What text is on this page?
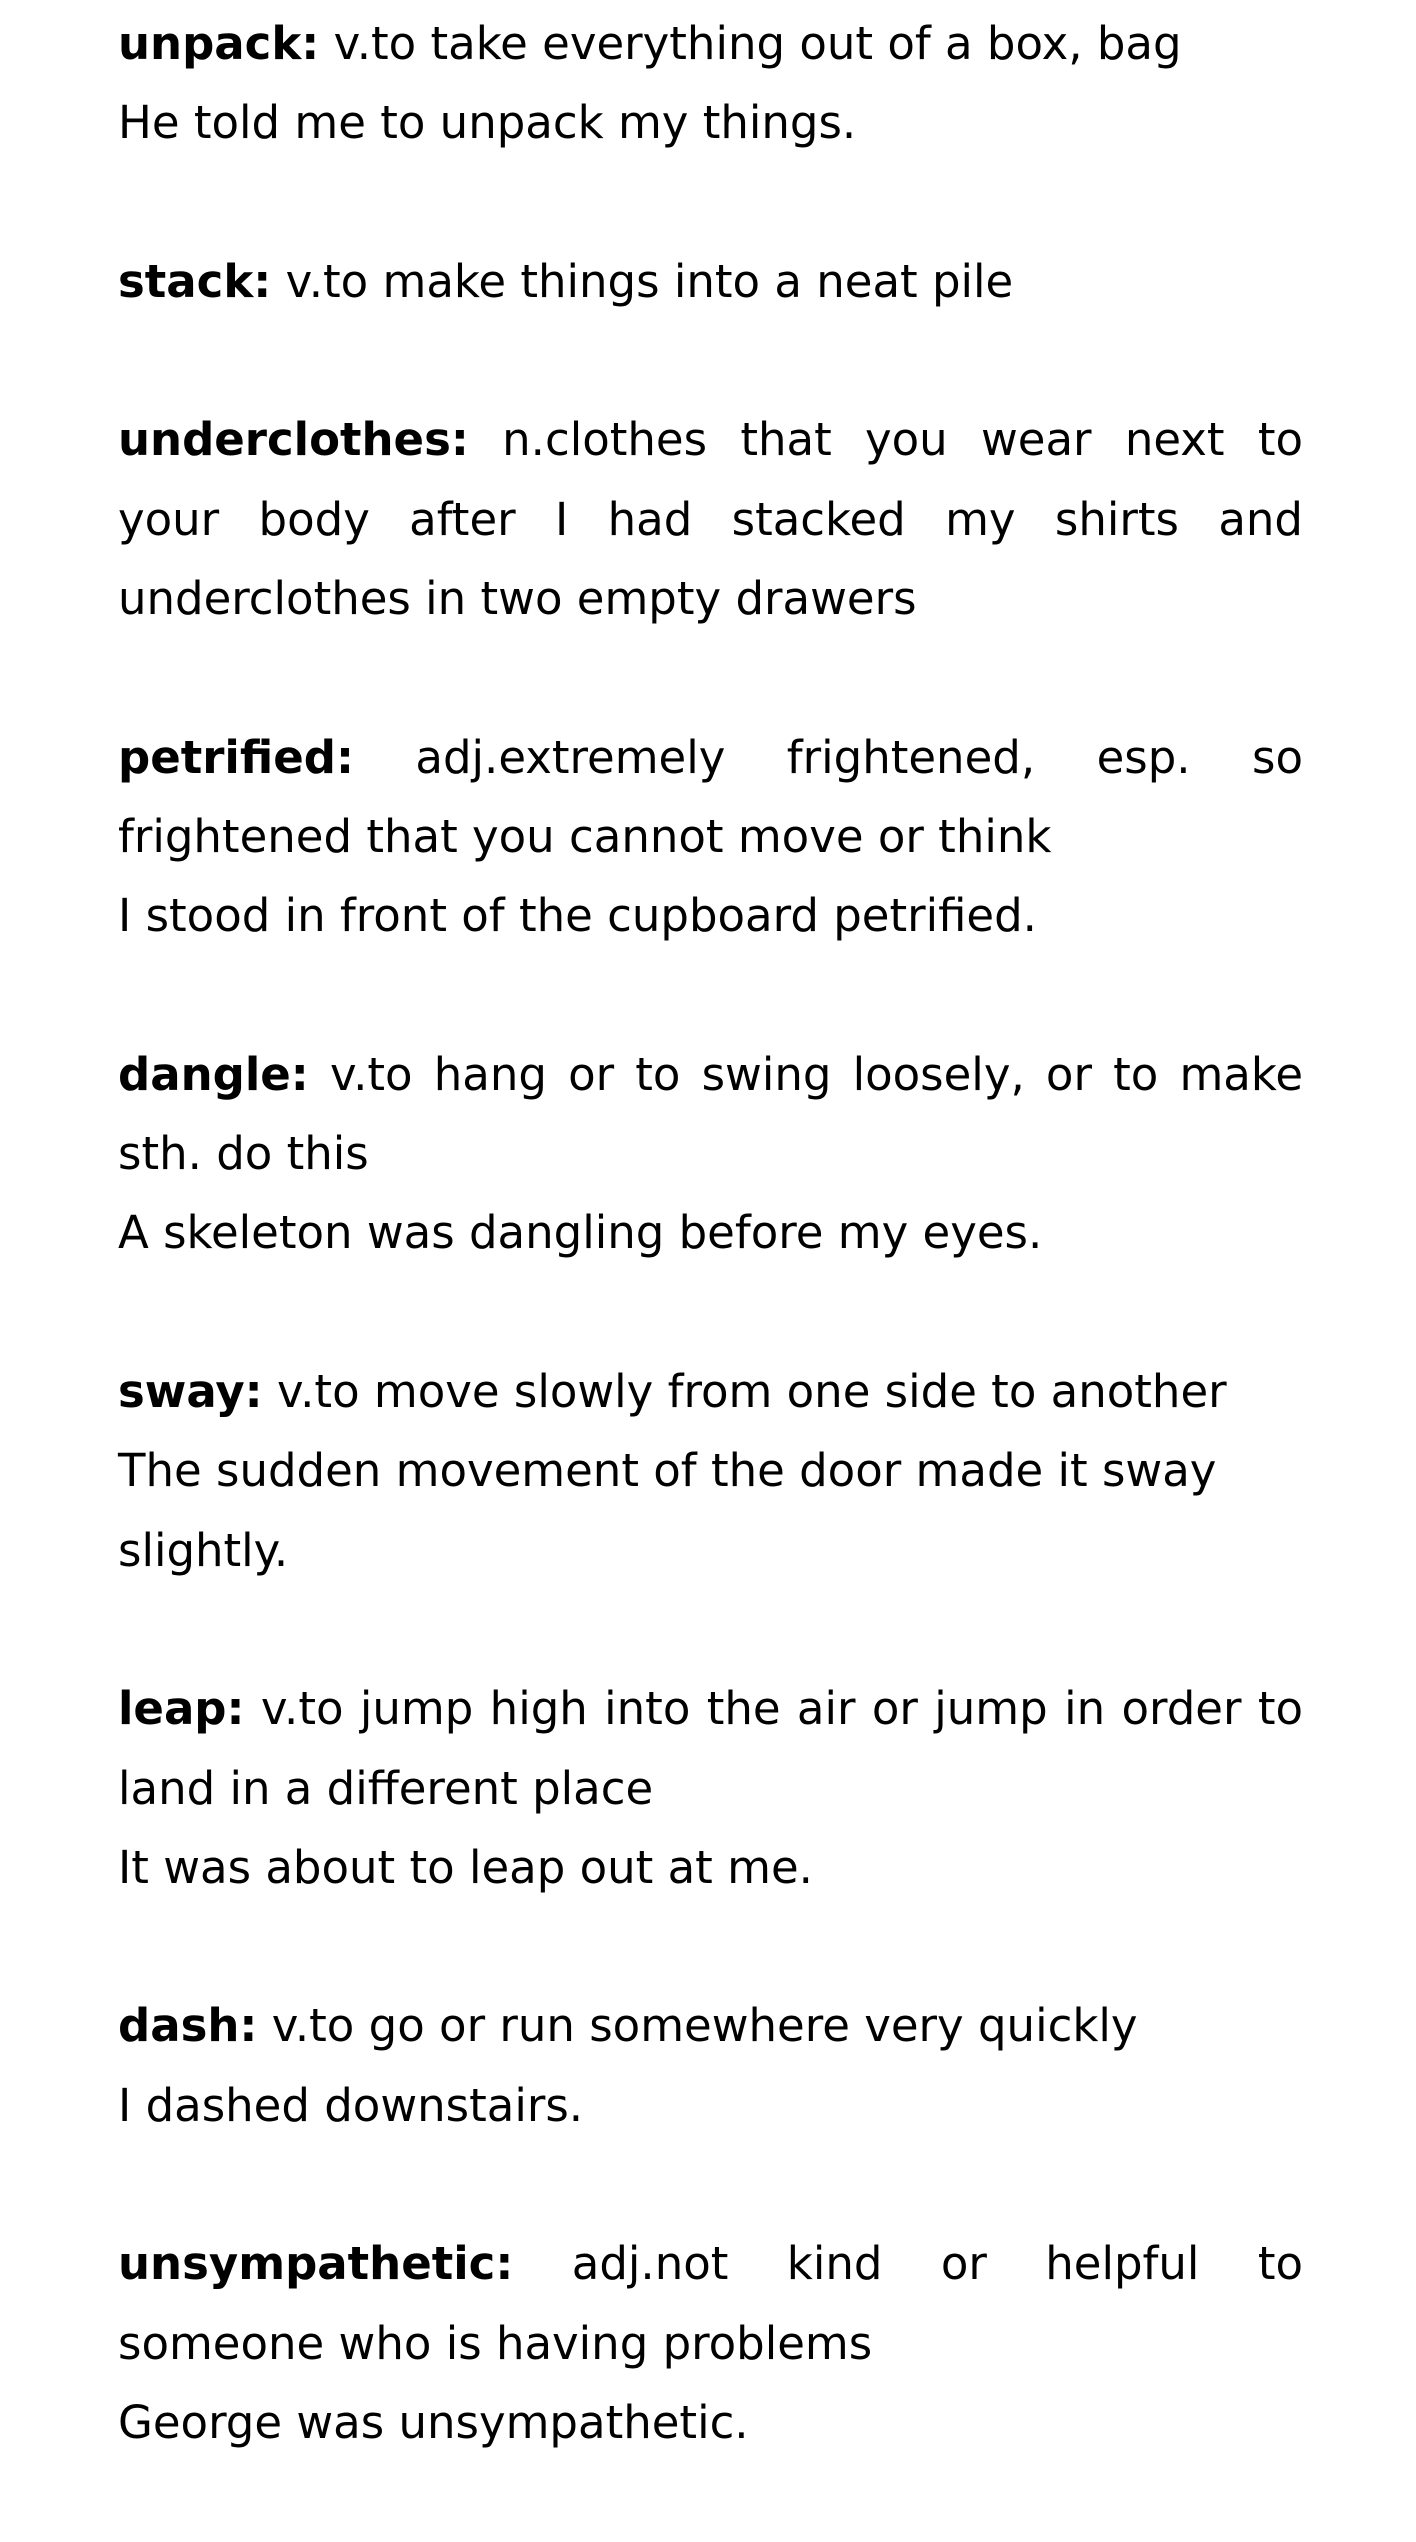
unpack: v.to take everything out of a box, bag

He told me to unpack my things.

stack: v.to make things into a neat pile

underclothes: n.clothes that you wear next to your body after I had stacked my shirts and underclothes in two empty drawers

petrified: adj.extremely frightened, esp. so frightened that you cannot move or think

I stood in front of the cupboard petrified.

dangle: v.to hang or to swing loosely, or to make sth. do this

A skeleton was dangling before my eyes.

sway: v.to move slowly from one side to another

The sudden movement of the door made it sway slightly.

leap: v.to jump high into the air or jump in order to land in a different place

It was about to leap out at me.

dash: v.to go or run somewhere very quickly

I dashed downstairs.

unsympathetic: adj.not kind or helpful to someone who is having problems

George was unsympathetic.
